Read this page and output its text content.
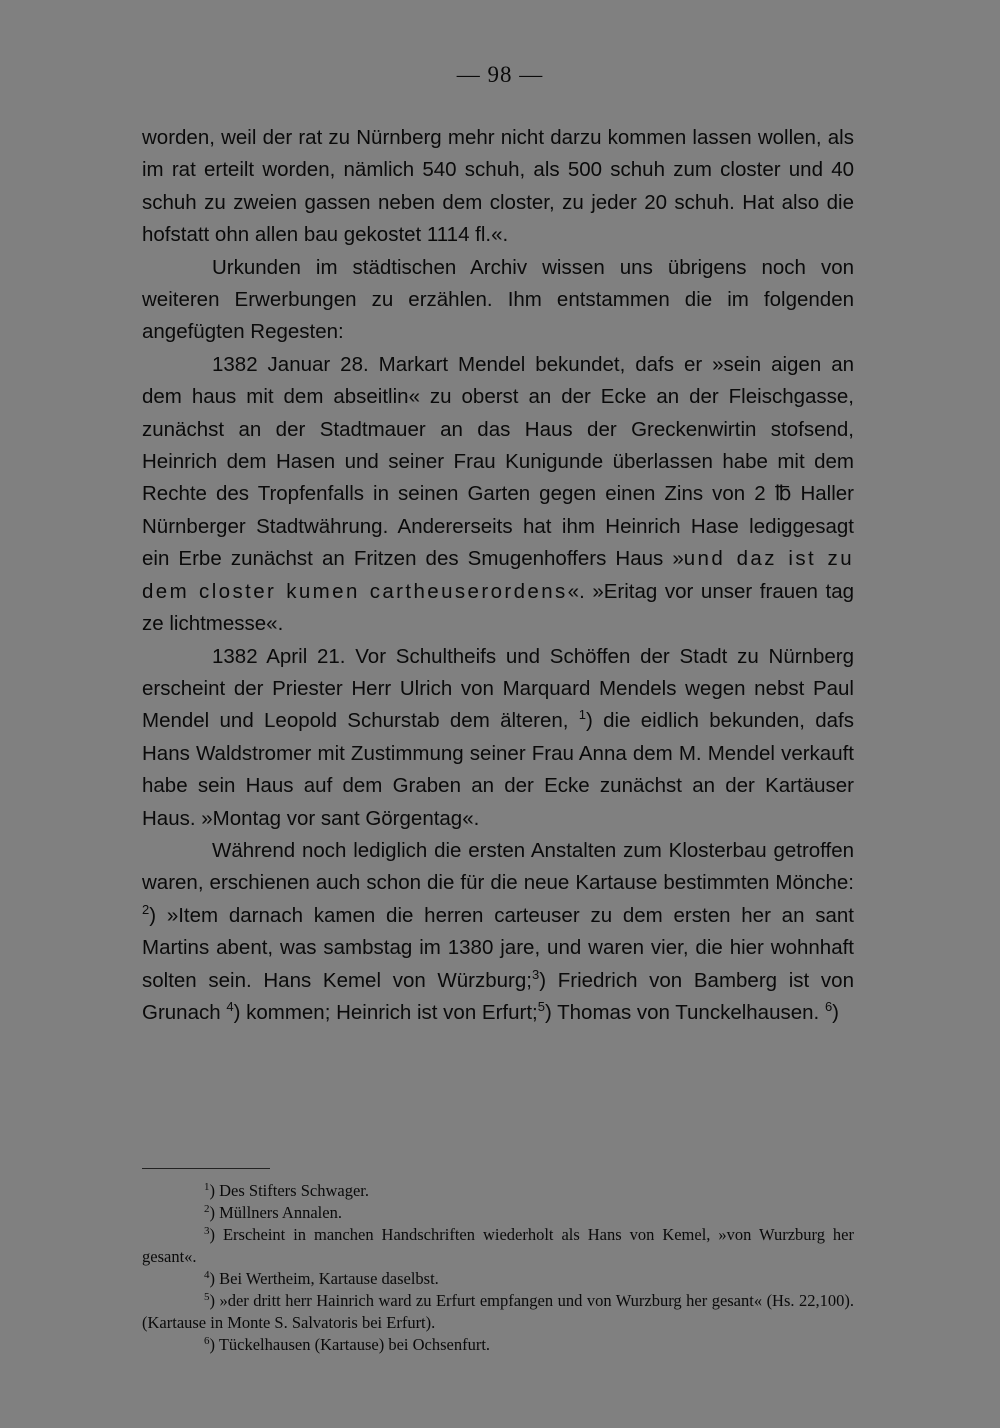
— 98 —

worden, weil der rat zu Nürnberg mehr nicht darzu kommen lassen wollen, als im rat erteilt worden, nämlich 540 schuh, als 500 schuh zum closter und 40 schuh zu zweien gassen neben dem closter, zu jeder 20 schuh. Hat also die hofstatt ohn allen bau gekostet 1114 fl.«.

Urkunden im städtischen Archiv wissen uns übrigens noch von weiteren Erwerbungen zu erzählen. Ihm entstammen die im folgenden angefügten Regesten:

1382 Januar 28. Markart Mendel bekundet, dafs er »sein aigen an dem haus mit dem abseitlin« zu oberst an der Ecke an der Fleischgasse, zunächst an der Stadtmauer an das Haus der Greckenwirtin stofsend, Heinrich dem Hasen und seiner Frau Kunigunde überlassen habe mit dem Rechte des Tropfenfalls in seinen Garten gegen einen Zins von 2 ℔ Haller Nürnberger Stadtwährung. Andererseits hat ihm Heinrich Hase lediggesagt ein Erbe zunächst an Fritzen des Smugenhoffers Haus »und daz ist zu dem closter kumen cartheuserordens«. »Eritag vor unser frauen tag ze lichtmesse«.

1382 April 21. Vor Schultheifs und Schöffen der Stadt zu Nürnberg erscheint der Priester Herr Ulrich von Marquard Mendels wegen nebst Paul Mendel und Leopold Schurstab dem älteren, $^1$) die eidlich bekunden, dafs Hans Waldstromer mit Zustimmung seiner Frau Anna dem M. Mendel verkauft habe sein Haus auf dem Graben an der Ecke zunächst an der Kartäuser Haus. »Montag vor sant Görgentag«.

Während noch lediglich die ersten Anstalten zum Klosterbau getroffen waren, erschienen auch schon die für die neue Kartause bestimmten Mönche: $^2$) »Item darnach kamen die herren carteuser zu dem ersten her an sant Martins abent, was sambstag im 1380 jare, und waren vier, die hier wohnhaft solten sein. Hans Kemel von Würzburg;$^3$) Friedrich von Bamberg ist von Grunach $^4$) kommen; Heinrich ist von Erfurt;$^5$) Thomas von Tunckelhausen. $^6$)

$^1$) Des Stifters Schwager.

$^2$) Müllners Annalen.

$^3$) Erscheint in manchen Handschriften wiederholt als Hans von Kemel, »von Wurzburg her gesant«.

$^4$) Bei Wertheim, Kartause daselbst.

$^5$) »der dritt herr Hainrich ward zu Erfurt empfangen und von Wurzburg her gesant« (Hs. 22,100). (Kartause in Monte S. Salvatoris bei Erfurt).

$^6$) Tückelhausen (Kartause) bei Ochsenfurt.
